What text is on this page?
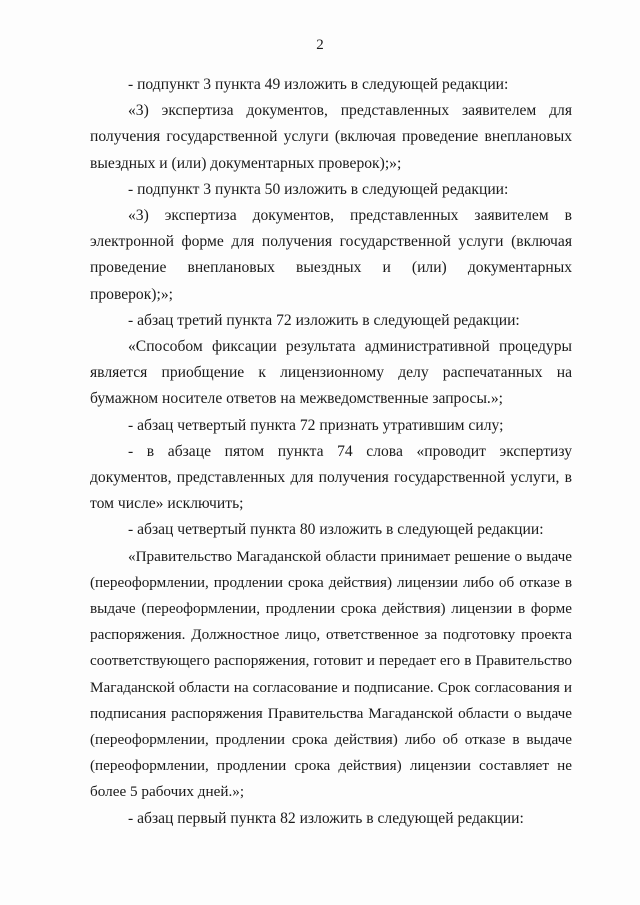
2

- подпункт 3 пункта 49 изложить в следующей редакции:

«3) экспертиза документов, представленных заявителем для получения государственной услуги (включая проведение внеплановых выездных и (или) документарных проверок);»;

- подпункт 3 пункта 50 изложить в следующей редакции:

«3) экспертиза документов, представленных заявителем в электронной форме для получения государственной услуги (включая проведение внеплановых выездных и (или) документарных проверок);»;

- абзац третий пункта 72 изложить в следующей редакции:

«Способом фиксации результата административной процедуры является приобщение к лицензионному делу распечатанных на бумажном носителе ответов на межведомственные запросы.»;

- абзац четвертый пункта 72 признать утратившим силу;

- в абзаце пятом пункта 74 слова «проводит экспертизу документов, представленных для получения государственной услуги, в том числе» исключить;

- абзац четвертый пункта 80 изложить в следующей редакции:

«Правительство Магаданской области принимает решение о выдаче (переоформлении, продлении срока действия) лицензии либо об отказе в выдаче (переоформлении, продлении срока действия) лицензии в форме распоряжения. Должностное лицо, ответственное за подготовку проекта соответствующего распоряжения, готовит и передает его в Правительство Магаданской области на согласование и подписание. Срок согласования и подписания распоряжения Правительства Магаданской области о выдаче (переоформлении, продлении срока действия) либо об отказе в выдаче (переоформлении, продлении срока действия) лицензии составляет не более 5 рабочих дней.»;

- абзац первый пункта 82 изложить в следующей редакции:
